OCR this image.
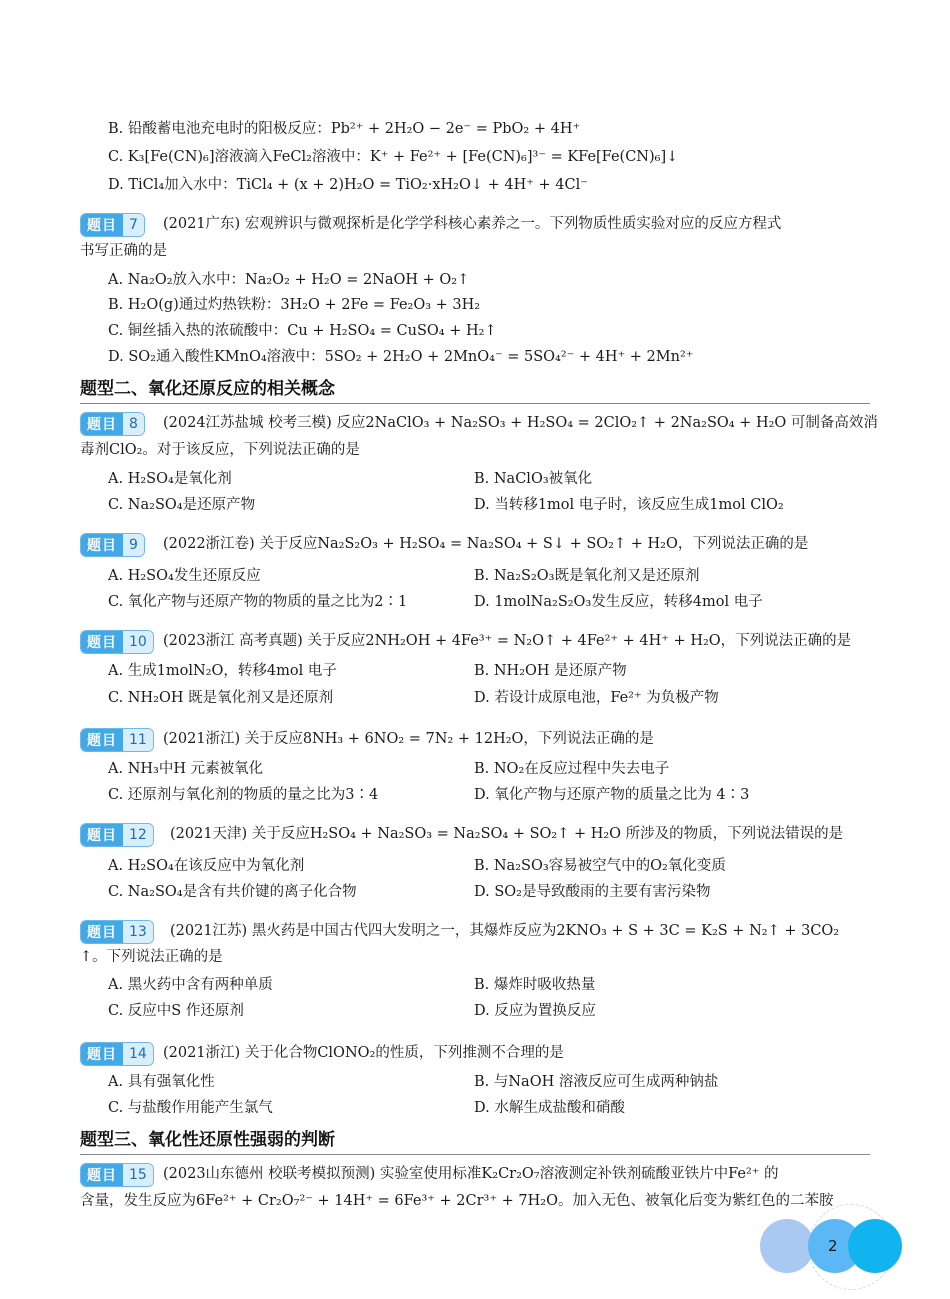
B. 铅酸蓄电池充电时的阳极反应：Pb²⁺ + 2H₂O − 2e⁻ = PbO₂ + 4H⁺
C. K₃[Fe(CN)₆]溶液滴入FeCl₂溶液中：K⁺ + Fe²⁺ + [Fe(CN)₆]³⁻ = KFe[Fe(CN)₆]↓
D. TiCl₄加入水中：TiCl₄ + (x + 2)H₂O = TiO₂·xH₂O↓ + 4H⁺ + 4Cl⁻
题目 7	(2021广东) 宏观辨识与微观探析是化学学科核心素养之一。下列物质性质实验对应的反应方程式
书写正确的是
A. Na₂O₂放入水中：Na₂O₂ + H₂O = 2NaOH + O₂↑
B. H₂O(g)通过灼热铁粉：3H₂O + 2Fe = Fe₂O₃ + 3H₂
C. 铜丝插入热的浓硫酸中：Cu + H₂SO₄ = CuSO₄ + H₂↑
D. SO₂通入酸性KMnO₄溶液中：5SO₂ + 2H₂O + 2MnO₄⁻ = 5SO₄²⁻ + 4H⁺ + 2Mn²⁺
题型二、氧化还原反应的相关概念
题目 8	(2024江苏盐城 校考三模) 反应2NaClO₃ + Na₂SO₃ + H₂SO₄ = 2ClO₂↑ + 2Na₂SO₄ + H₂O 可制备高效消
毒剂ClO₂。对于该反应，下列说法正确的是
A. H₂SO₄是氧化剂	B. NaClO₃被氧化
C. Na₂SO₄是还原产物	D. 当转移1mol 电子时，该反应生成1mol ClO₂
题目 9	(2022浙江卷) 关于反应Na₂S₂O₃ + H₂SO₄ = Na₂SO₄ + S↓ + SO₂↑ + H₂O，下列说法正确的是
A. H₂SO₄发生还原反应	B. Na₂S₂O₃既是氧化剂又是还原剂
C. 氧化产物与还原产物的物质的量之比为2∶1	D. 1molNa₂S₂O₃发生反应，转移4mol 电子
题目 10	(2023浙江 高考真题) 关于反应2NH₂OH + 4Fe³⁺ = N₂O↑ + 4Fe²⁺ + 4H⁺ + H₂O，下列说法正确的是
A. 生成1molN₂O，转移4mol 电子	B. NH₂OH 是还原产物
C. NH₂OH 既是氧化剂又是还原剂	D. 若设计成原电池，Fe²⁺ 为负极产物
题目 11	(2021浙江) 关于反应8NH₃ + 6NO₂ = 7N₂ + 12H₂O，下列说法正确的是
A. NH₃中H 元素被氧化	B. NO₂在反应过程中失去电子
C. 还原剂与氧化剂的物质的量之比为3∶4	D. 氧化产物与还原产物的质量之比为 4∶3
题目 12	(2021天津) 关于反应H₂SO₄ + Na₂SO₃ = Na₂SO₄ + SO₂↑ + H₂O 所涉及的物质，下列说法错误的是
A. H₂SO₄在该反应中为氧化剂	B. Na₂SO₃容易被空气中的O₂氧化变质
C. Na₂SO₄是含有共价键的离子化合物	D. SO₂是导致酸雨的主要有害污染物
题目 13	(2021江苏) 黑火药是中国古代四大发明之一，其爆炸反应为2KNO₃ + S + 3C = K₂S + N₂↑ + 3CO₂
↑。下列说法正确的是
A. 黑火药中含有两种单质	B. 爆炸时吸收热量
C. 反应中S 作还原剂	D. 反应为置换反应
题目 14	(2021浙江) 关于化合物ClONO₂的性质，下列推测不合理的是
A. 具有强氧化性	B. 与NaOH 溶液反应可生成两种钠盐
C. 与盐酸作用能产生氯气	D. 水解生成盐酸和硝酸
题型三、氧化性还原性强弱的判断
题目 15	(2023山东德州 校联考模拟预测) 实验室使用标准K₂Cr₂O₇溶液测定补铁剂硫酸亚铁片中Fe²⁺ 的
含量，发生反应为6Fe²⁺ + Cr₂O₇²⁻ + 14H⁺ = 6Fe³⁺ + 2Cr³⁺ + 7H₂O。加入无色、被氧化后变为紫红色的二苯胺
2
